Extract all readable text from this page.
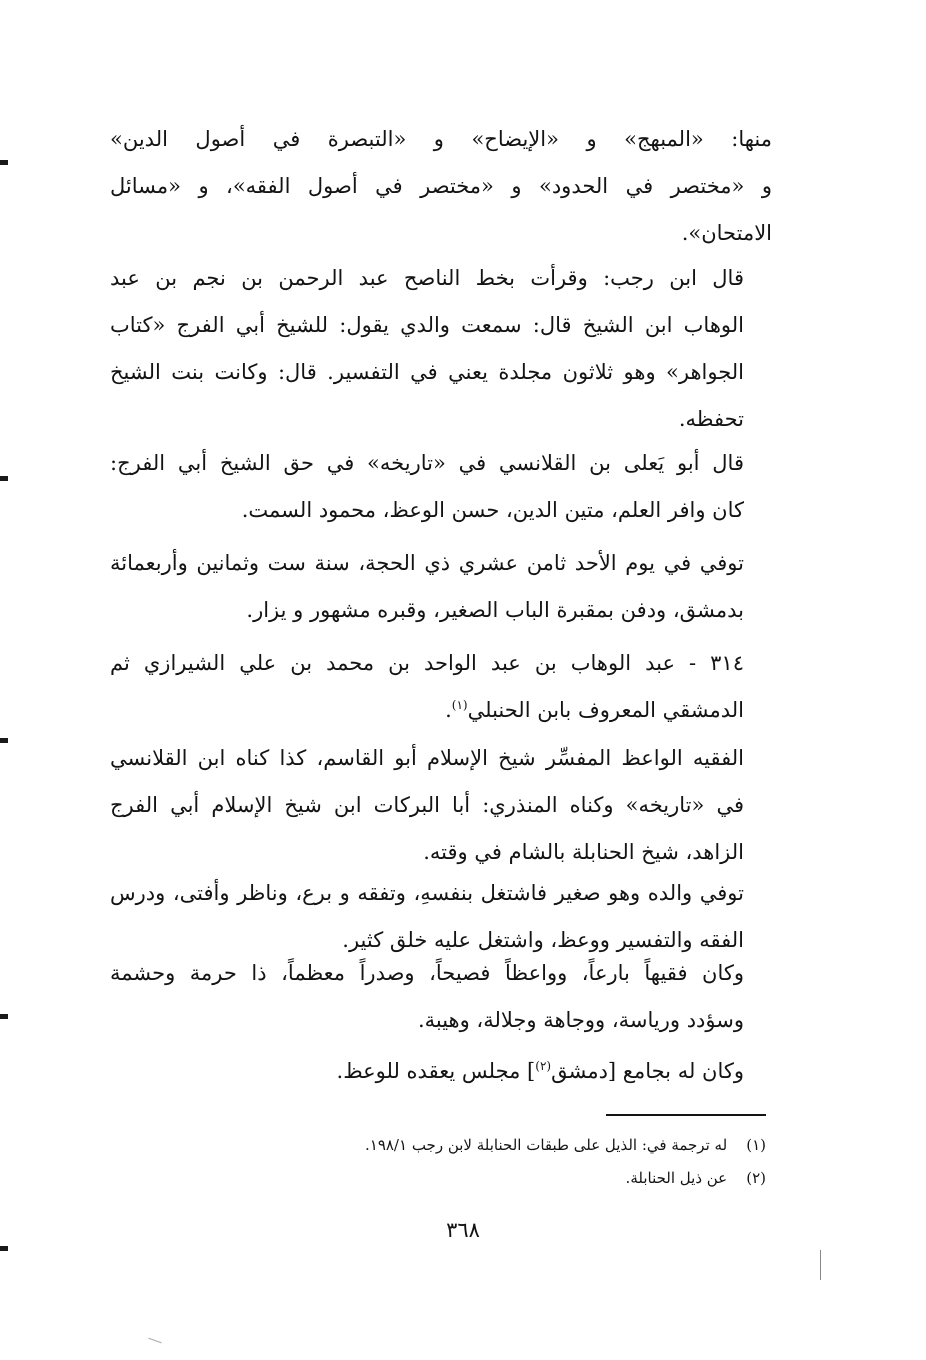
منها: «المبهج» و «الإيضاح» و «التبصرة في أصول الدين»
و «مختصر في الحدود» و «مختصر في أصول الفقه»، و «مسائل
الامتحان».
قال ابن رجب: وقرأت بخط الناصح عبد الرحمن بن نجم بن عبد
الوهاب ابن الشيخ قال: سمعت والدي يقول: للشيخ أبي الفرج «كتاب
الجواهر» وهو ثلاثون مجلدة يعني في التفسير. قال: وكانت بنت الشيخ
تحفظه.
قال أبو يَعلى بن القلانسي في «تاريخه» في حق الشيخ أبي الفرج:
كان وافر العلم، متين الدين، حسن الوعظ، محمود السمت.
توفي في يوم الأحد ثامن عشري ذي الحجة، سنة ست وثمانين وأربعمائة
بدمشق، ودفن بمقبرة الباب الصغير، وقبره مشهور و يزار.
٣١٤ - عبد الوهاب بن عبد الواحد بن محمد بن علي الشيرازي ثم
الدمشقي المعروف بابن الحنبلي$^{(١)}$.
الفقيه الواعظ المفسِّر شيخ الإسلام أبو القاسم، كذا كناه ابن القلانسي
في «تاريخه» وكناه المنذري: أبا البركات ابن شيخ الإسلام أبي الفرج
الزاهد، شيخ الحنابلة بالشام في وقته.
توفي والده وهو صغير فاشتغل بنفسهِ، وتفقه و برع، وناظر وأفتى، ودرس
الفقه والتفسير ووعظ، واشتغل عليه خلق كثير.
وكان فقيهاً بارعاً، وواعظاً فصيحاً، وصدراً معظماً، ذا حرمة وحشمة
وسؤدد ورياسة، ووجاهة وجلالة، وهيبة.
وكان له بجامع [دمشق$^{(٢)}$] مجلس يعقده للوعظ.
(١)    له ترجمة في: الذيل على طبقات الحنابلة لابن رجب ١٩٨/١.
(٢)    عن ذيل الحنابلة.
٣٦٨
